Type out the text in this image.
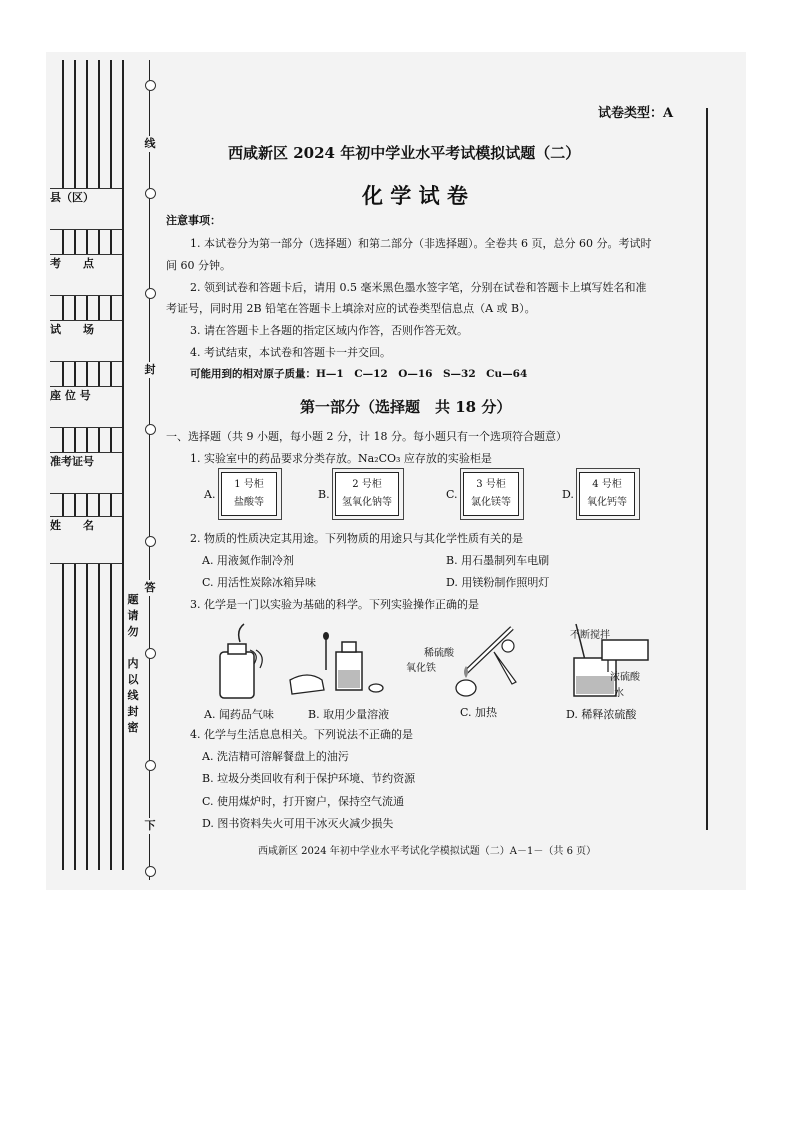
县（区）
考　　点
试　　场
座 位 号
准考证号
姓　　名
线
封
答
题
请
勿
内
以
线
封
密
下
试卷类型：A
西咸新区 2024 年初中学业水平考试模拟试题（二）
化 学 试 卷
注意事项：
1. 本试卷分为第一部分（选择题）和第二部分（非选择题）。全卷共 6 页，总分 60 分。考试时
间 60 分钟。
2. 领到试卷和答题卡后，请用 0.5 毫米黑色墨水签字笔，分别在试卷和答题卡上填写姓名和准
考证号，同时用 2B 铅笔在答题卡上填涂对应的试卷类型信息点（A 或 B）。
3. 请在答题卡上各题的指定区域内作答，否则作答无效。
4. 考试结束，本试卷和答题卡一并交回。
可能用到的相对原子质量：H—1　C—12　O—16　S—32　Cu—64
第一部分（选择题　共 18 分）
一、选择题（共 9 小题，每小题 2 分，计 18 分。每小题只有一个选项符合题意）
1. 实验室中的药品要求分类存放。Na₂CO₃ 应存放的实验柜是
A.
1 号柜
盐酸等
B.
2 号柜
氢氧化钠等
C.
3 号柜
氯化镁等
D.
4 号柜
氧化钙等
2. 物质的性质决定其用途。下列物质的用途只与其化学性质有关的是
A. 用液氮作制冷剂	B. 用石墨制列车电刷
C. 用活性炭除冰箱异味	D. 用镁粉制作照明灯
3. 化学是一门以实验为基础的科学。下列实验操作正确的是
稀硫酸
氧化铁
不断搅拌
浓硫酸
水
A. 闻药品气味	B. 取用少量溶液	C. 加热	D. 稀释浓硫酸
4. 化学与生活息息相关。下列说法不正确的是
A. 洗洁精可溶解餐盘上的油污
B. 垃圾分类回收有利于保护环境、节约资源
C. 使用煤炉时，打开窗户，保持空气流通
D. 图书资料失火可用干冰灭火减少损失
西咸新区 2024 年初中学业水平考试化学模拟试题（二）A－1－（共 6 页）
